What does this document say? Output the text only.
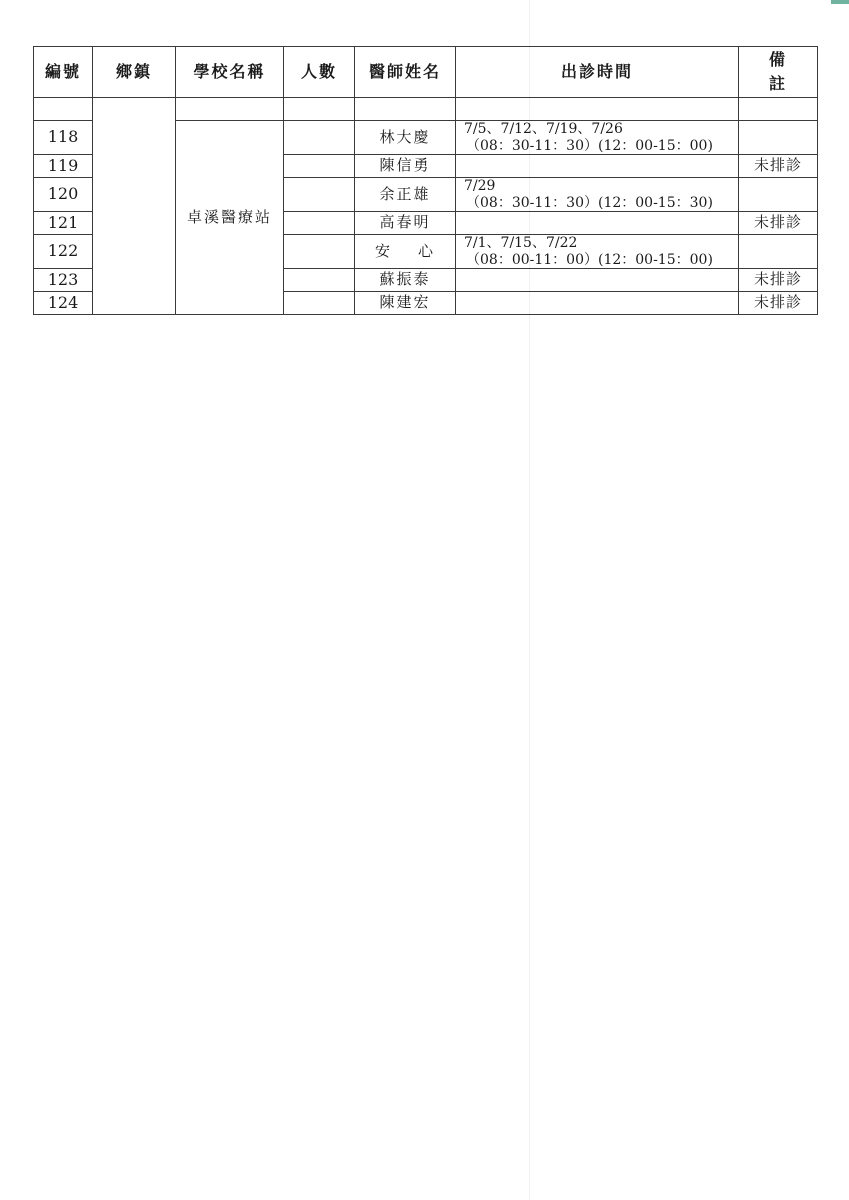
編號	鄉鎮	學校名稱	人數	醫師姓名	出診時間	備
註

118		卓溪醫療站		林大慶	7/5、7/12、7/19、7/26
（08：30-11：30）(12：00-15：00)	

119				陳信勇		未排診
120				余正雄	7/29
（08：30-11：30）(12：00-15：30)	

121				高春明		未排診
122				安 心	7/1、7/15、7/22
（08：00-11：00）(12：00-15：00)	

123				蘇振泰		未排診
124				陳建宏		未排診
